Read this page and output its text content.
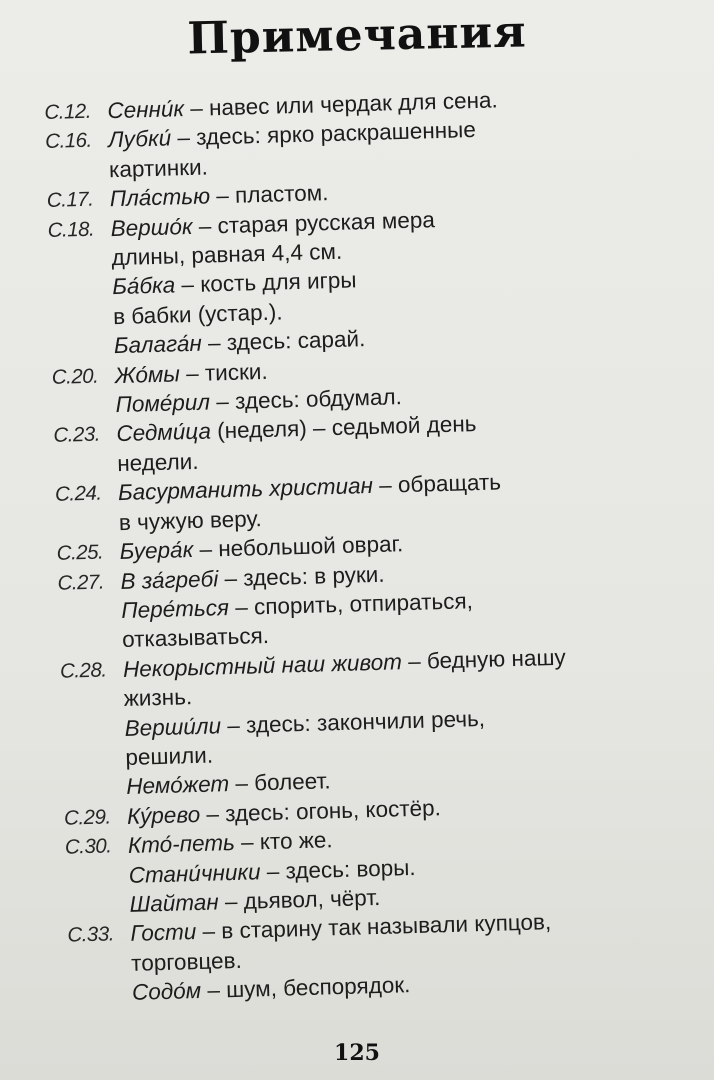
Примечания
С.12. Сенни́к – навес или чердак для сена.
С.16. Лубки́ – здесь: ярко раскрашенные
картинки.
С.17. Пла́стью – пластом.
С.18. Вершо́к – старая русская мера
длины, равная 4,4 см.
Ба́бка – кость для игры
в бабки (устар.).
Балага́н – здесь: сарай.
С.20. Жо́мы – тиски.
Поме́рил – здесь: обдумал.
С.23. Седми́ца (неделя) – седьмой день
недели.
С.24. Басурманить христиан – обращать
в чужую веру.
С.25. Буера́к – небольшой овраг.
С.27. В за́гребі – здесь: в руки.
Пере́ться – спорить, отпираться,
отказываться.
С.28. Некорыстный наш живот – бедную нашу
жизнь.
Верши́ли – здесь: закончили речь,
решили.
Немо́жет – болеет.
С.29. Ку́рево – здесь: огонь, костёр.
С.30. Кто́-петь – кто же.
Стани́чники – здесь: воры.
Шайтан – дьявол, чёрт.
С.33. Гости – в старину так называли купцов,
торговцев.
Содо́м – шум, беспорядок.
125
